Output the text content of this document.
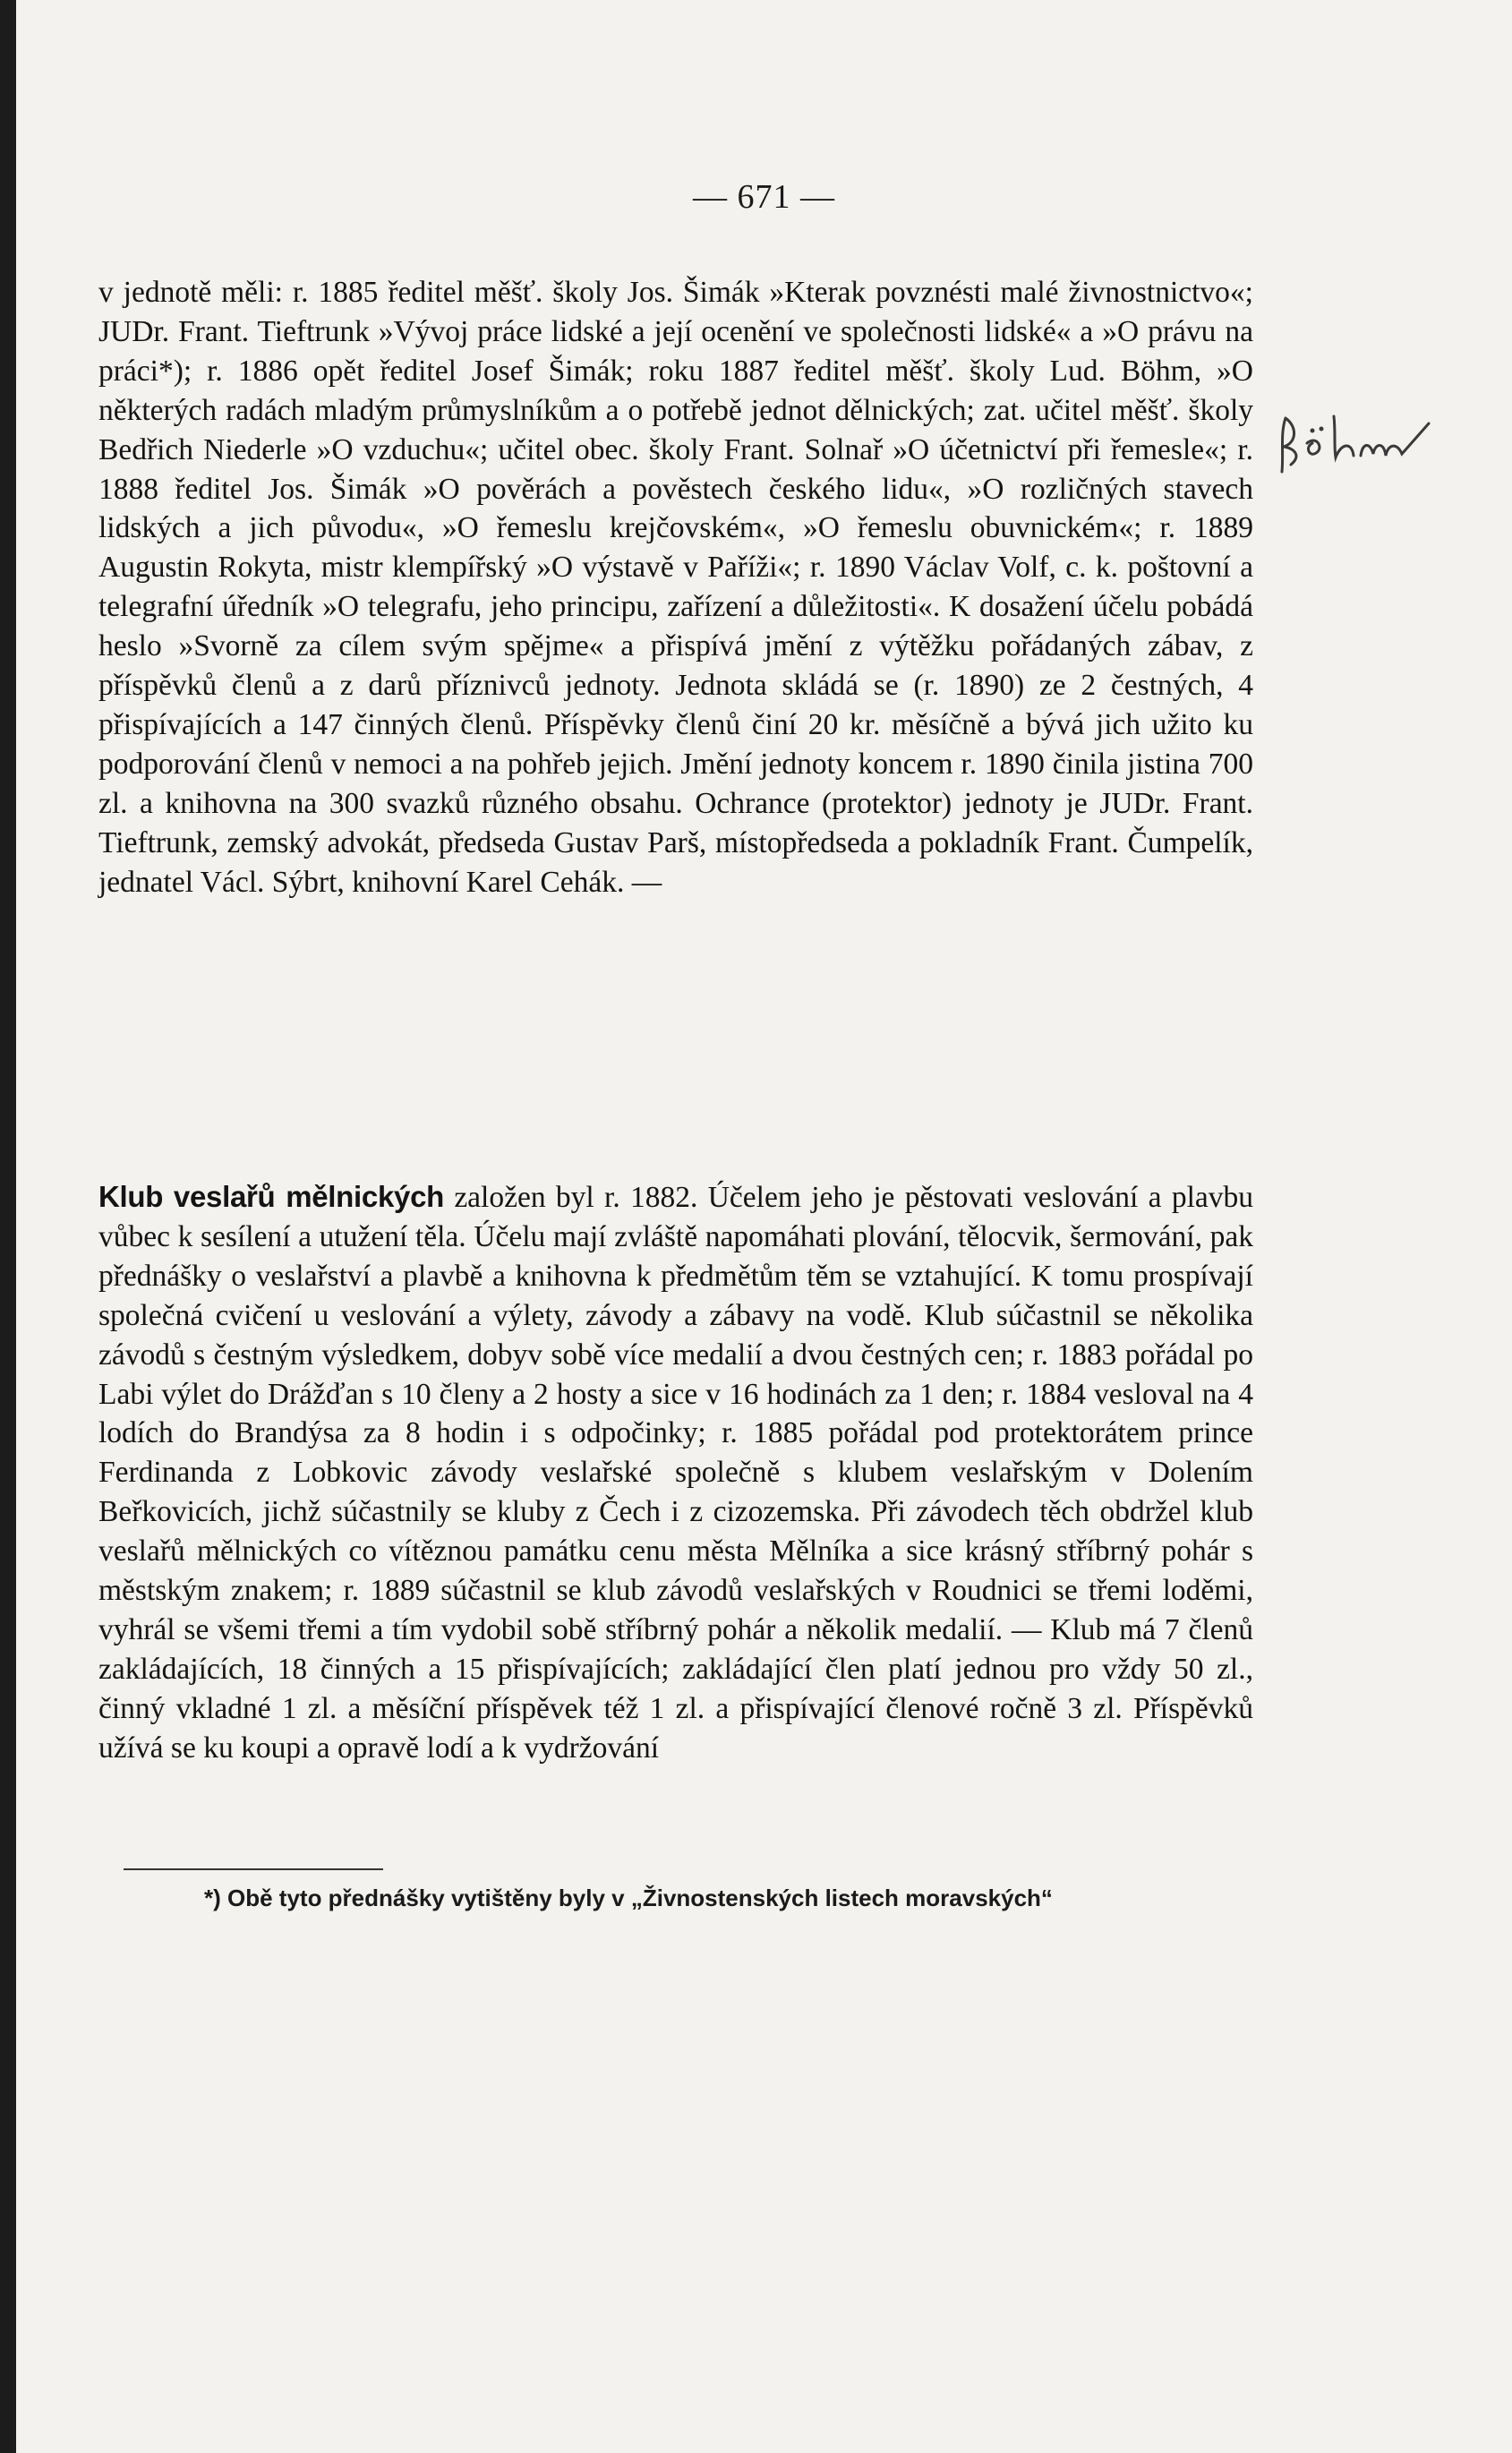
— 671 —

v jednotě měli: r. 1885 ředitel měšť. školy Jos. Šimák »Kterak povznésti malé živnostnictvo«; JUDr. Frant. Tieftrunk »Vývoj práce lidské a její ocenění ve společnosti lidské« a »O právu na práci*); r. 1886 opět ředitel Josef Šimák; roku 1887 ředitel měšť. školy Lud. Böhm, »O některých radách mladým průmyslníkům a o potřebě jednot dělnických; zat. učitel měšť. školy Bedřich Niederle »O vzduchu«; učitel obec. školy Frant. Solnař »O účetnictví při řemesle«; r. 1888 ředitel Jos. Šimák »O pověrách a pověstech českého lidu«, »O rozličných stavech lidských a jich původu«, »O řemeslu krejčovském«, »O řemeslu obuvnickém«; r. 1889 Augustin Rokyta, mistr klempířský »O výstavě v Paříži«; r. 1890 Václav Volf, c. k. poštovní a telegrafní úředník »O telegrafu, jeho principu, zařízení a důležitosti«. K dosažení účelu pobádá heslo »Svorně za cílem svým spějme« a přispívá jmění z výtěžku pořádaných zábav, z příspěvků členů a z darů příznivců jednoty. Jednota skládá se (r. 1890) ze 2 čestných, 4 přispívajících a 147 činných členů. Příspěvky členů činí 20 kr. měsíčně a bývá jich užito ku podporování členů v nemoci a na pohřeb jejich. Jmění jednoty koncem r. 1890 činila jistina 700 zl. a knihovna na 300 svazků různého obsahu. Ochrance (protektor) jednoty je JUDr. Frant. Tieftrunk, zemský advokát, předseda Gustav Parš, místopředseda a pokladník Frant. Čumpelík, jednatel Václ. Sýbrt, knihovní Karel Cehák. —

Klub veslařů mělnických založen byl r. 1882. Účelem jeho je pěstovati veslování a plavbu vůbec k sesílení a utužení těla. Účelu mají zvláště napomáhati plování, tělocvik, šermování, pak přednášky o veslařství a plavbě a knihovna k předmětům těm se vztahující. K tomu prospívají společná cvičení u veslování a výlety, závody a zábavy na vodě. Klub súčastnil se několika závodů s čestným výsledkem, dobyv sobě více medalií a dvou čestných cen; r. 1883 pořádal po Labi výlet do Drážďan s 10 členy a 2 hosty a sice v 16 hodinách za 1 den; r. 1884 vesloval na 4 lodích do Brandýsa za 8 hodin i s odpočinky; r. 1885 pořádal pod protektorátem prince Ferdinanda z Lobkovic závody veslařské společně s klubem veslařským v Dolením Beřkovicích, jichž súčastnily se kluby z Čech i z cizozemska. Při závodech těch obdržel klub veslařů mělnických co vítěznou památku cenu města Mělníka a sice krásný stříbrný pohár s městským znakem; r. 1889 súčastnil se klub závodů veslařských v Roudnici se třemi loděmi, vyhrál se všemi třemi a tím vydobil sobě stříbrný pohár a několik medalií. — Klub má 7 členů zakládajících, 18 činných a 15 přispívajících; zakládající člen platí jednou pro vždy 50 zl., činný vkladné 1 zl. a měsíční příspěvek též 1 zl. a přispívající členové ročně 3 zl. Příspěvků užívá se ku koupi a opravě lodí a k vydržování

*) Obě tyto přednášky vytištěny byly v „Živnostenských listech moravských“
